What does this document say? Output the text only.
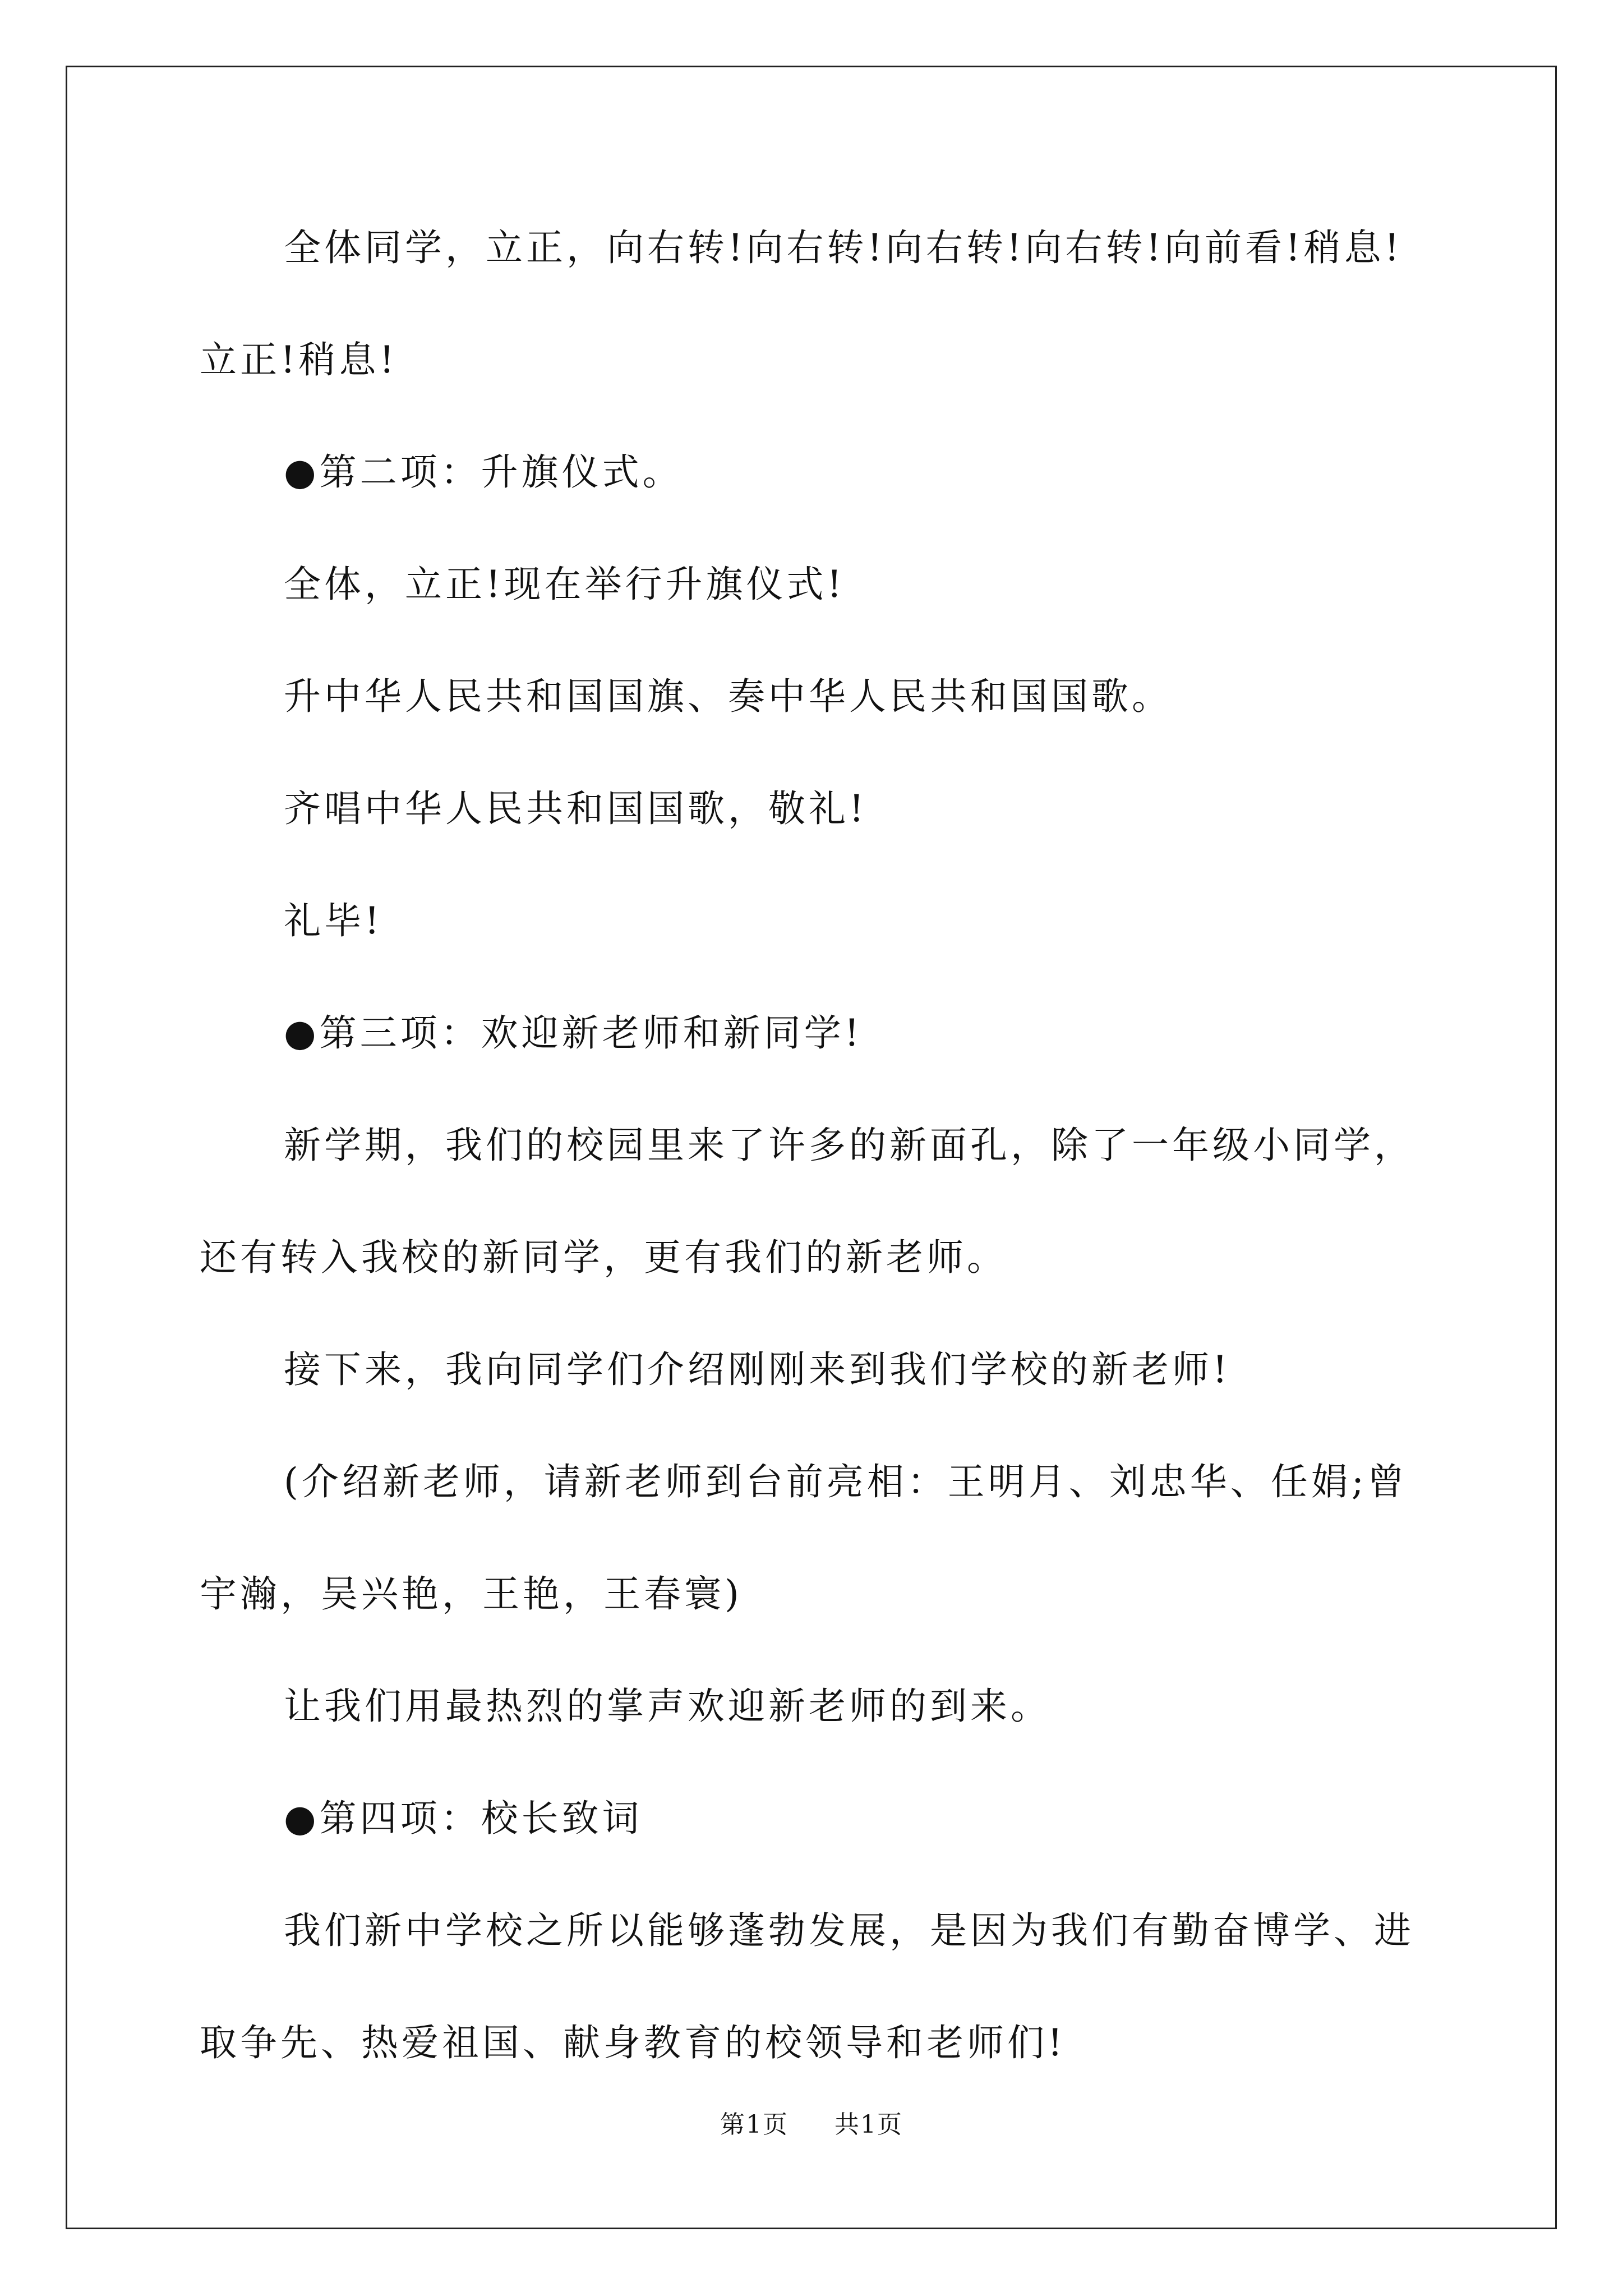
全体同学，立正，向右转!向右转!向右转!向右转!向前看!稍息!立正!稍息!

●第二项：升旗仪式。

全体，立正!现在举行升旗仪式!

升中华人民共和国国旗、奏中华人民共和国国歌。

齐唱中华人民共和国国歌，敬礼!

礼毕!

●第三项：欢迎新老师和新同学!

新学期，我们的校园里来了许多的新面孔，除了一年级小同学，还有转入我校的新同学，更有我们的新老师。

接下来，我向同学们介绍刚刚来到我们学校的新老师!

(介绍新老师，请新老师到台前亮相：王明月、刘忠华、任娟;曾宇瀚，吴兴艳，王艳，王春寰)

让我们用最热烈的掌声欢迎新老师的到来。

●第四项：校长致词

我们新中学校之所以能够蓬勃发展，是因为我们有勤奋博学、进取争先、热爱祖国、献身教育的校领导和老师们!

第1页 共1页
